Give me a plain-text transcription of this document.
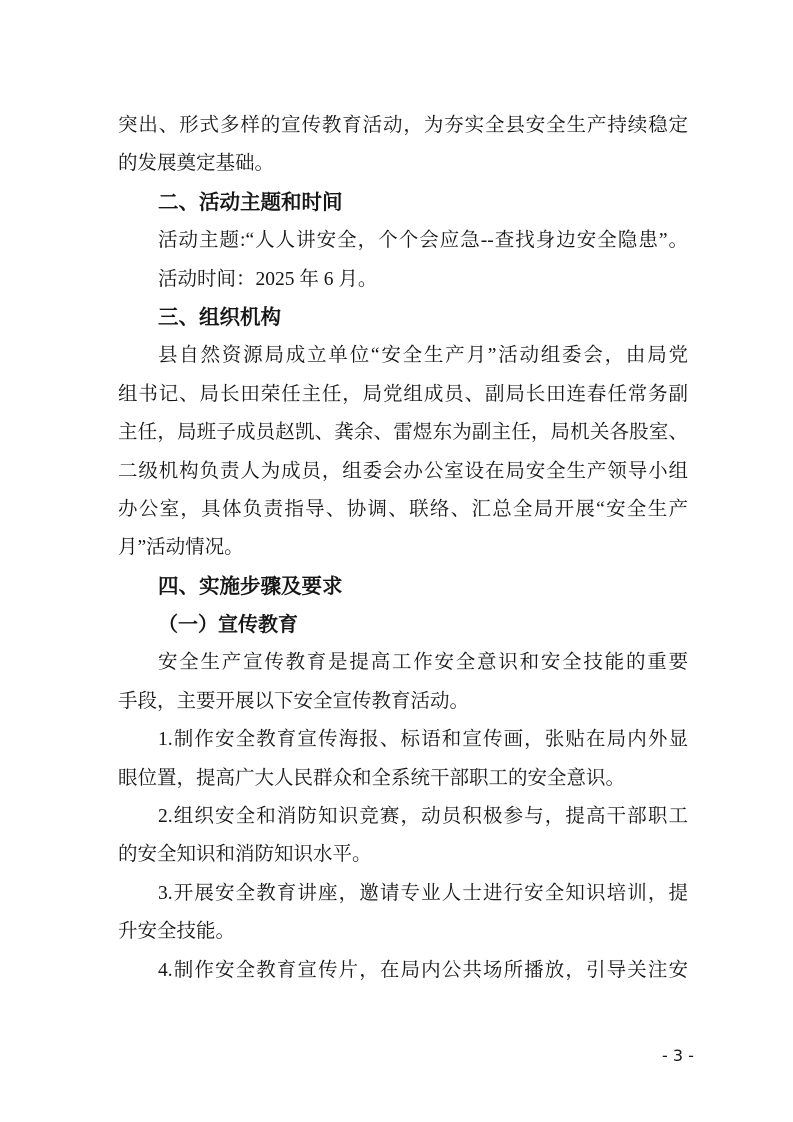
突出、形式多样的宣传教育活动，为夯实全县安全生产持续稳定
的发展奠定基础。
二、活动主题和时间
活动主题:“人人讲安全，个个会应急--查找身边安全隐患”。
活动时间：2025 年 6 月。
三、组织机构
县自然资源局成立单位“安全生产月”活动组委会，由局党
组书记、局长田荣任主任，局党组成员、副局长田连春任常务副
主任，局班子成员赵凯、龚余、雷煜东为副主任，局机关各股室、
二级机构负责人为成员，组委会办公室设在局安全生产领导小组
办公室，具体负责指导、协调、联络、汇总全局开展“安全生产
月”活动情况。
四、实施步骤及要求
（一）宣传教育
安全生产宣传教育是提高工作安全意识和安全技能的重要
手段，主要开展以下安全宣传教育活动。
1.制作安全教育宣传海报、标语和宣传画，张贴在局内外显
眼位置，提高广大人民群众和全系统干部职工的安全意识。
2.组织安全和消防知识竞赛，动员积极参与，提高干部职工
的安全知识和消防知识水平。
3.开展安全教育讲座，邀请专业人士进行安全知识培训，提
升安全技能。
4.制作安全教育宣传片，在局内公共场所播放，引导关注安
- 3 -
